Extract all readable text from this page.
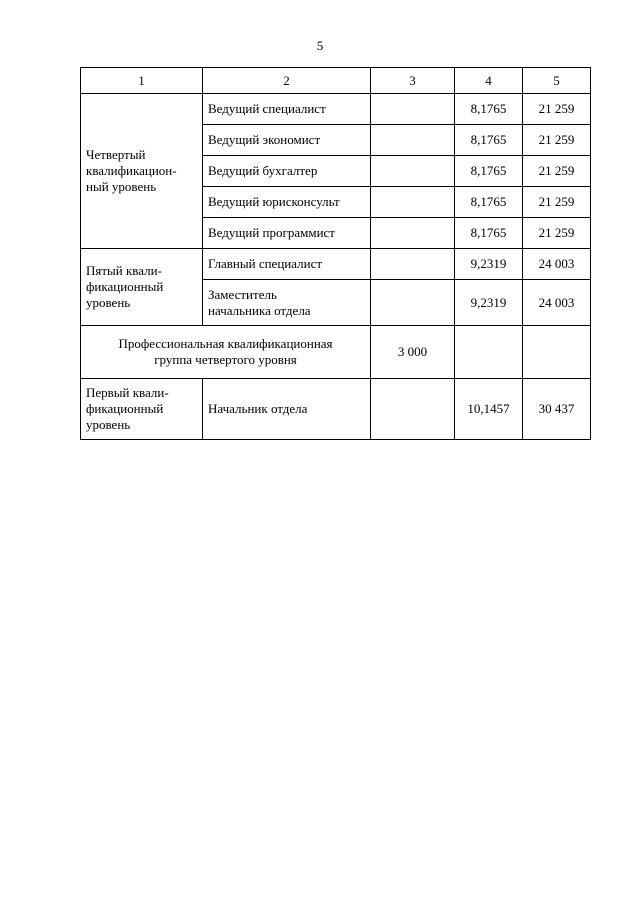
5
1	2	3	4	5

Четвертый
квалификацион-
ный уровень	Ведущий специалист		8,1765	21 259
	Ведущий экономист		8,1765	21 259
	Ведущий бухгалтер		8,1765	21 259
	Ведущий юрисконсульт		8,1765	21 259
	Ведущий программист		8,1765	21 259

Пятый квали-
фикационный
уровень	Главный специалист		9,2319	24 003

	Заместитель
начальника отдела		9,2319	24 003

Профессиональная квалификационная
группа четвертого уровня		3 000		

Первый квали-
фикационный
уровень	Начальник отдела		10,1457	30 437
